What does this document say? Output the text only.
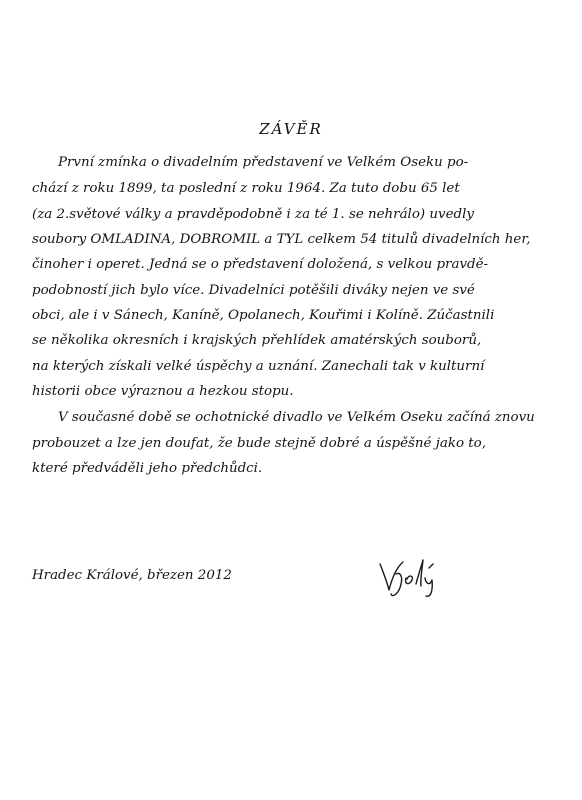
ZÁVĚR
První zmínka o divadelním představení ve Velkém Oseku po-
chází z roku 1899, ta poslední z roku 1964. Za tuto dobu 65 let
(za 2.světové války a pravděpodobně i za té 1. se nehrálo) uvedly
soubory OMLADINA, DOBROMIL a TYL celkem 54 titulů divadelních her,
činoher i operet. Jedná se o představení doložená, s velkou pravdě-
podobností jich bylo více. Divadelníci potěšili diváky nejen ve své
obci, ale i v Sánech, Kaníně, Opolanech, Kouřimi i Kolíně. Zúčastnili
se několika okresních i krajských přehlídek amatérských souborů,
na kterých získali velké úspěchy a uznání. Zanechali tak v kulturní
historii obce výraznou a hezkou stopu.
V současné době se ochotnické divadlo ve Velkém Oseku začíná znovu
probouzet a lze jen doufat, že bude stejně dobré a úspěšné jako to,
které předváděli jeho předchůdci.
Hradec Králové, březen 2012
